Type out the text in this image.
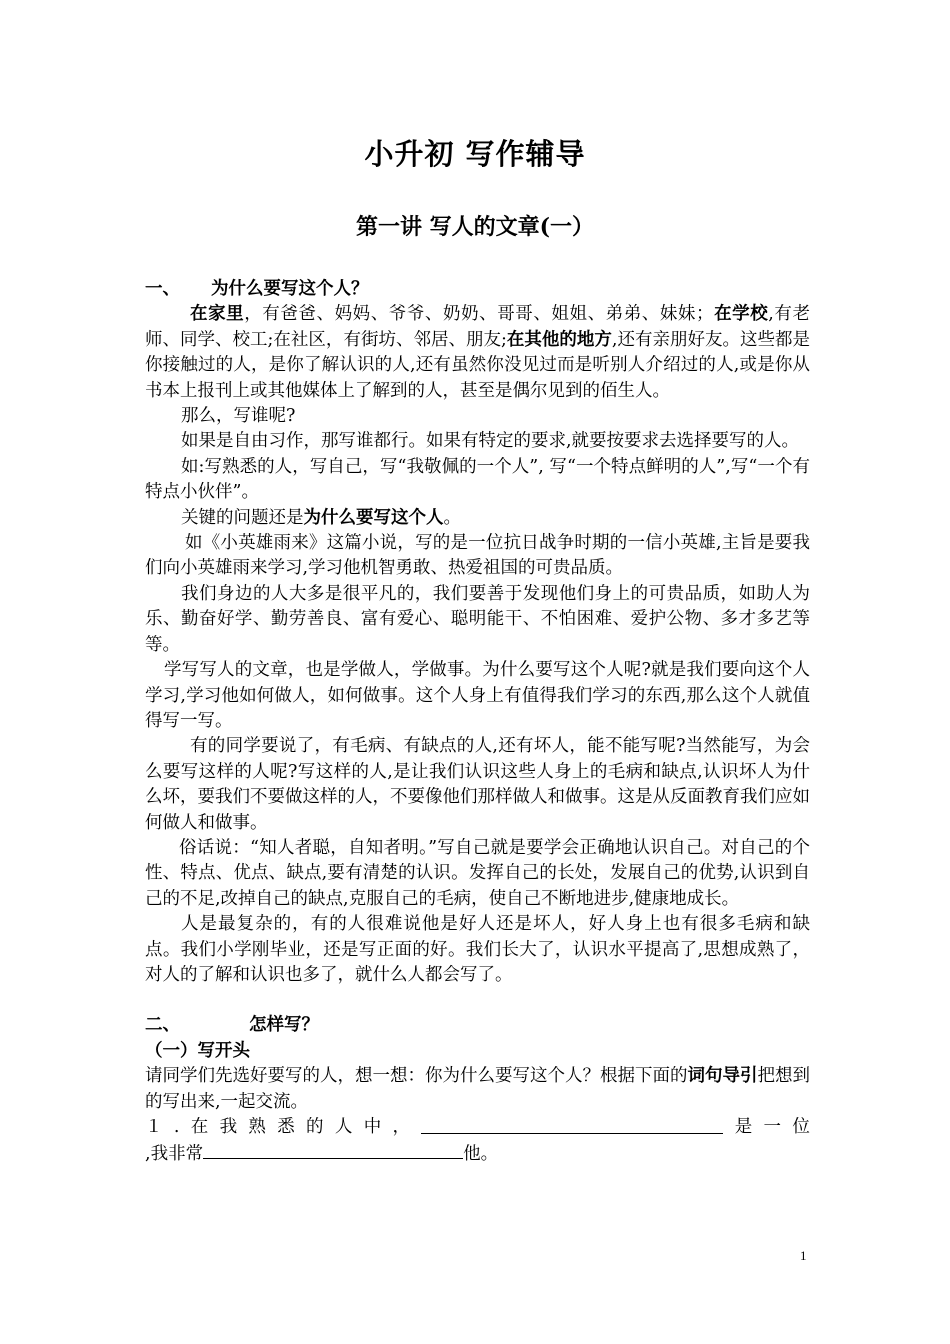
小升初 写作辅导
第一讲 写人的文章(一）

一、 为什么要写这个人？

在家里，有爸爸、妈妈、爷爷、奶奶、哥哥、姐姐、弟弟、妹妹；在学校,有老师、同学、校工;在社区，有街坊、邻居、朋友;在其他的地方,还有亲朋好友。这些都是你接触过的人，是你了解认识的人,还有虽然你没见过而是听别人介绍过的人,或是你从书本上报刊上或其他媒体上了解到的人，甚至是偶尔见到的佰生人。

那么，写谁呢?

如果是自由习作，那写谁都行。如果有特定的要求,就要按要求去选择要写的人。

如:写熟悉的人，写自己，写“我敬佩的一个人”, 写“一个特点鲜明的人”,写“一个有特点小伙伴”。

关键的问题还是为什么要写这个人。

如《小英雄雨来》这篇小说，写的是一位抗日战争时期的一信小英雄,主旨是要我们向小英雄雨来学习,学习他机智勇敢、热爱祖国的可贵品质。

我们身边的人大多是很平凡的，我们要善于发现他们身上的可贵品质，如助人为乐、勤奋好学、勤劳善良、富有爱心、聪明能干、不怕困难、爱护公物、多才多艺等等。

学写写人的文章，也是学做人，学做事。为什么要写这个人呢?就是我们要向这个人学习,学习他如何做人，如何做事。这个人身上有值得我们学习的东西,那么这个人就值得写一写。

有的同学要说了，有毛病、有缺点的人,还有坏人，能不能写呢?当然能写，为会么要写这样的人呢?写这样的人,是让我们认识这些人身上的毛病和缺点,认识坏人为什么坏，要我们不要做这样的人，不要像他们那样做人和做事。这是从反面教育我们应如何做人和做事。

俗话说：“知人者聪，自知者明。”写自己就是要学会正确地认识自己。对自己的个性、特点、优点、缺点,要有清楚的认识。发挥自己的长处，发展自己的优势,认识到自己的不足,改掉自己的缺点,克服自己的毛病，使自己不断地进步,健康地成长。

人是最复杂的，有的人很难说他是好人还是坏人，好人身上也有很多毛病和缺点。我们小学刚毕业，还是写正面的好。我们长大了，认识水平提高了,思想成熟了，对人的了解和认识也多了，就什么人都会写了。

二、	怎样写？

（一）写开头

请同学们先选好要写的人，想一想：你为什么要写这个人？根据下面的词句导引把想到的写出来,一起交流。

１ . 在 我 熟 悉 的 人 中 ，	是 一 位

,我非常	他。

1
